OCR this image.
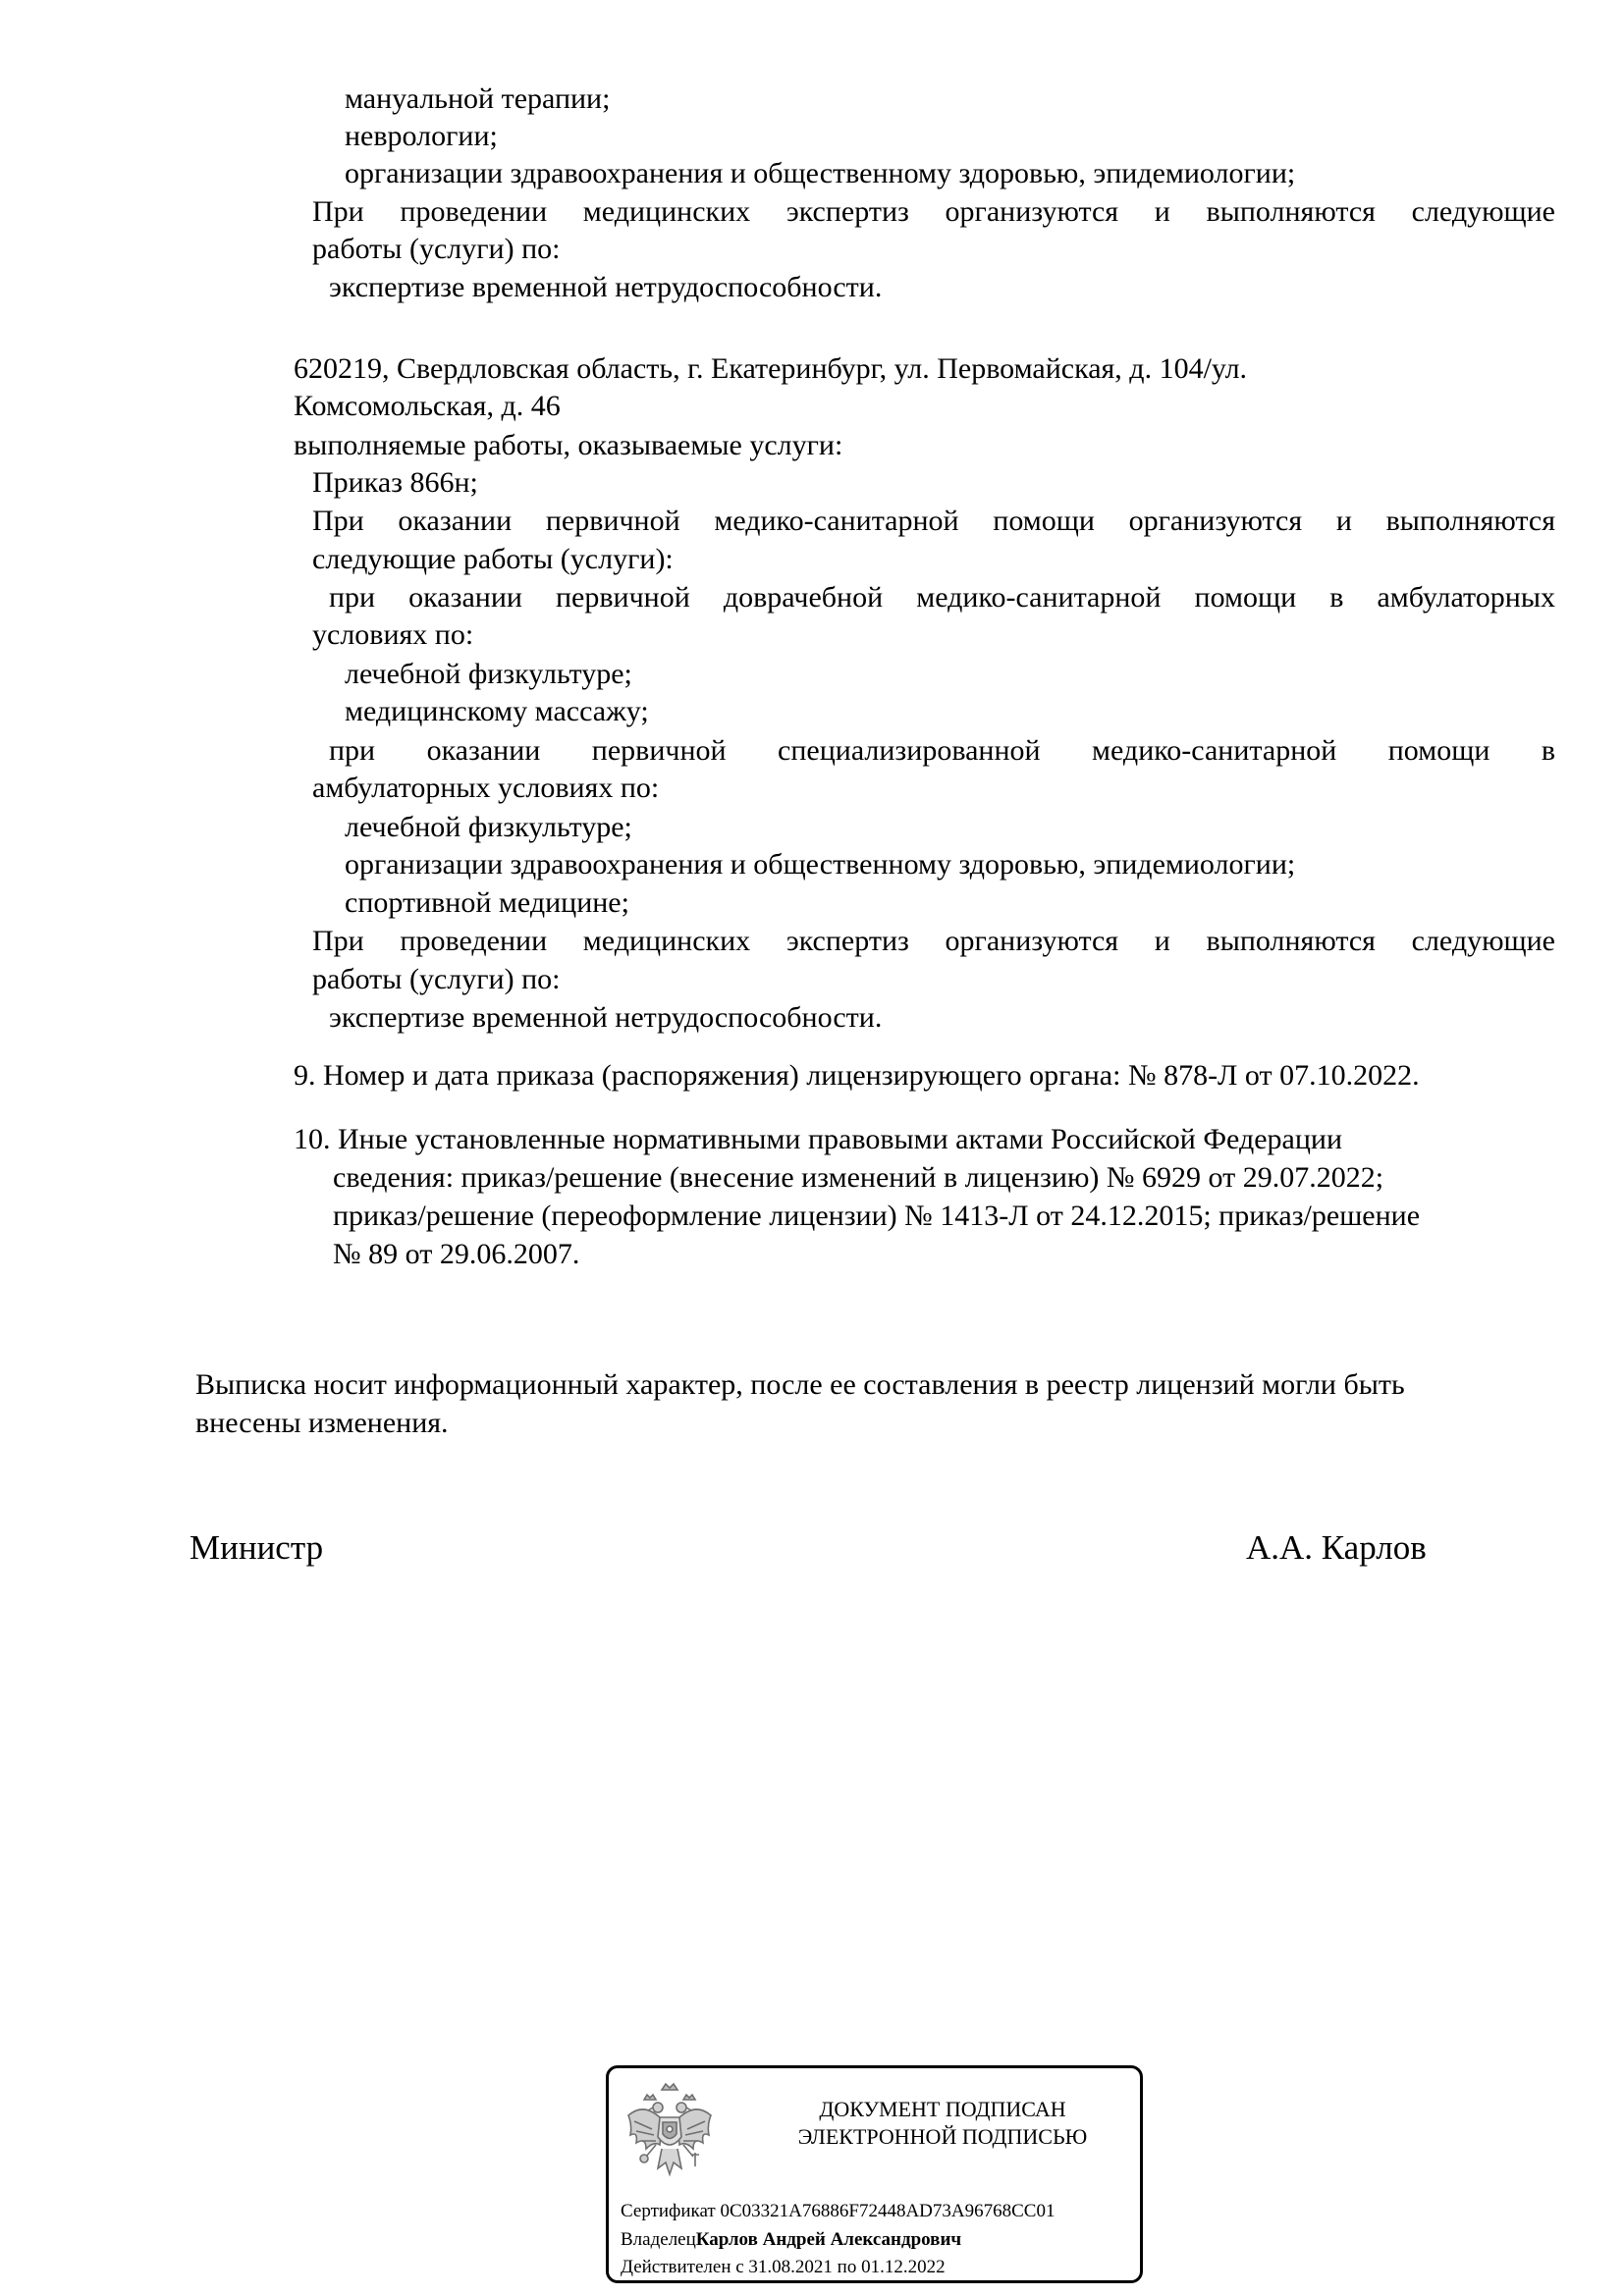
мануальной терапии;
неврологии;
организации здравоохранения и общественному здоровью, эпидемиологии;
При проведении медицинских экспертиз организуются и выполняются следующие
работы (услуги) по:
экспертизе временной нетрудоспособности.
620219, Свердловская область, г. Екатеринбург, ул. Первомайская, д. 104/ул.
Комсомольская, д. 46
выполняемые работы, оказываемые услуги:
Приказ 866н;
При оказании первичной медико-санитарной помощи организуются и выполняются
следующие работы (услуги):
при оказании первичной доврачебной медико-санитарной помощи в амбулаторных
условиях по:
лечебной физкультуре;
медицинскому массажу;
при оказании первичной специализированной медико-санитарной помощи в
амбулаторных условиях по:
лечебной физкультуре;
организации здравоохранения и общественному здоровью, эпидемиологии;
спортивной медицине;
При проведении медицинских экспертиз организуются и выполняются следующие
работы (услуги) по:
экспертизе временной нетрудоспособности.
9. Номер и дата приказа (распоряжения) лицензирующего органа: № 878-Л от 07.10.2022.
10. Иные установленные нормативными правовыми актами Российской Федерации
сведения: приказ/решение (внесение изменений в лицензию) № 6929 от 29.07.2022;
приказ/решение (переоформление лицензии) № 1413-Л от 24.12.2015; приказ/решение
№ 89 от 29.06.2007.
Выписка носит информационный характер, после ее составления в реестр лицензий могли быть
внесены изменения.
Министр	А.А. Карлов
ДОКУМЕНТ ПОДПИСАН
ЭЛЕКТРОННОЙ ПОДПИСЬЮ
Сертификат 0C03321A76886F72448AD73A96768CC01
ВладелецКарлов Андрей Александрович
Действителен с 31.08.2021 по 01.12.2022
